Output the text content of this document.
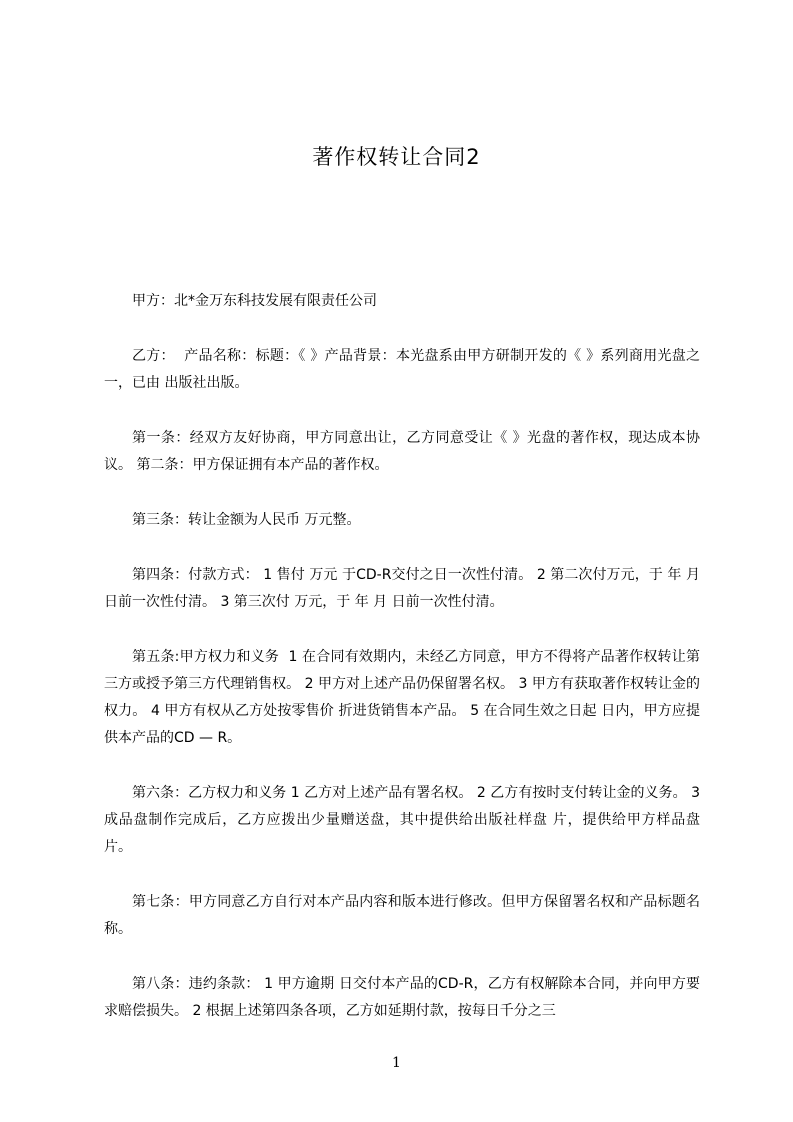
著作权转让合同2

甲方：北*金万东科技发展有限责任公司

乙方：  产品名称：标题：《 》产品背景：本光盘系由甲方研制开发的《 》系列商用光盘之一，已由 出版社出版。

第一条：经双方友好协商，甲方同意出让，乙方同意受让《 》光盘的著作权，现达成本协议。 第二条：甲方保证拥有本产品的著作权。

第三条：转让金额为人民币 万元整。

第四条：付款方式： 1 售付 万元 于CD-R交付之日一次性付清。 2 第二次付万元，于 年 月 日前一次性付清。 3 第三次付 万元，于 年 月 日前一次性付清。

第五条:甲方权力和义务  1 在合同有效期内，未经乙方同意，甲方不得将产品著作权转让第三方或授予第三方代理销售权。 2 甲方对上述产品仍保留署名权。 3 甲方有获取著作权转让金的权力。 4 甲方有权从乙方处按零售价 折进货销售本产品。 5 在合同生效之日起 日内，甲方应提供本产品的CD — R。

第六条：乙方权力和义务 1 乙方对上述产品有署名权。 2 乙方有按时支付转让金的义务。 3 成品盘制作完成后，乙方应拨出少量赠送盘，其中提供给出版社样盘 片，提供给甲方样品盘 片。

第七条：甲方同意乙方自行对本产品内容和版本进行修改。但甲方保留署名权和产品标题名称。

第八条：违约条款： 1 甲方逾期 日交付本产品的CD-R，乙方有权解除本合同，并向甲方要求赔偿损失。 2 根据上述第四条各项，乙方如延期付款，按每日千分之三

1
